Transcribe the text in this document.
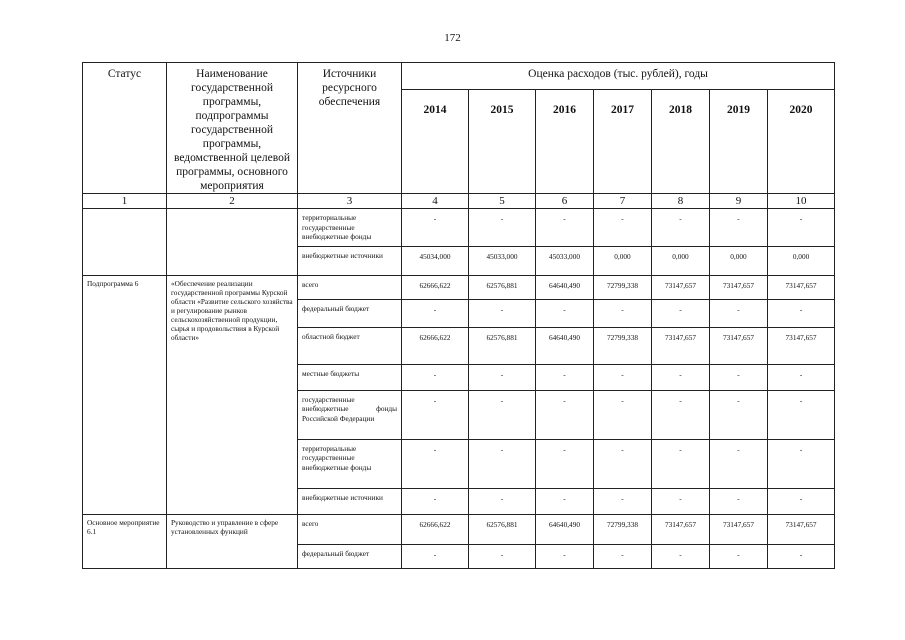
172
Статус	Наименование государственной программы, подпрограммы государственной программы, ведомственной целевой программы, основного мероприятия	Источники ресурсного обеспечения	Оценка расходов (тыс. рублей), годы						
			2014	2015	2016	2017	2018	2019	2020
1	2	3	4	5	6	7	8	9	10
		территориальные государственные внебюджетные фонды	-	-	-	-	-	-	-
		внебюджетные источники	45034,000	45033,000	45033,000	0,000	0,000	0,000	0,000
Подпрограмма 6	«Обеспечение реализации государственной программы Курской области «Развитие сельского хозяйства и регулирование рынков сельскохозяйственной продукции, сырья и продовольствия в Курской области»	всего	62666,622	62576,881	64640,490	72799,338	73147,657	73147,657	73147,657
		федеральный бюджет	-	-	-	-	-	-	-
		областной бюджет	62666,622	62576,881	64640,490	72799,338	73147,657	73147,657	73147,657
		местные бюджеты	-	-	-	-	-	-	-
		государственные внебюджетные фонды Российской Федерации	-	-	-	-	-	-	-
		территориальные государственные внебюджетные фонды	-	-	-	-	-	-	-
		внебюджетные источники	-	-	-	-	-	-	-
Основное мероприятие 6.1	Руководство и управление в сфере установленных функций	всего	62666,622	62576,881	64640,490	72799,338	73147,657	73147,657	73147,657
		федеральный бюджет	-	-	-	-	-	-	-
